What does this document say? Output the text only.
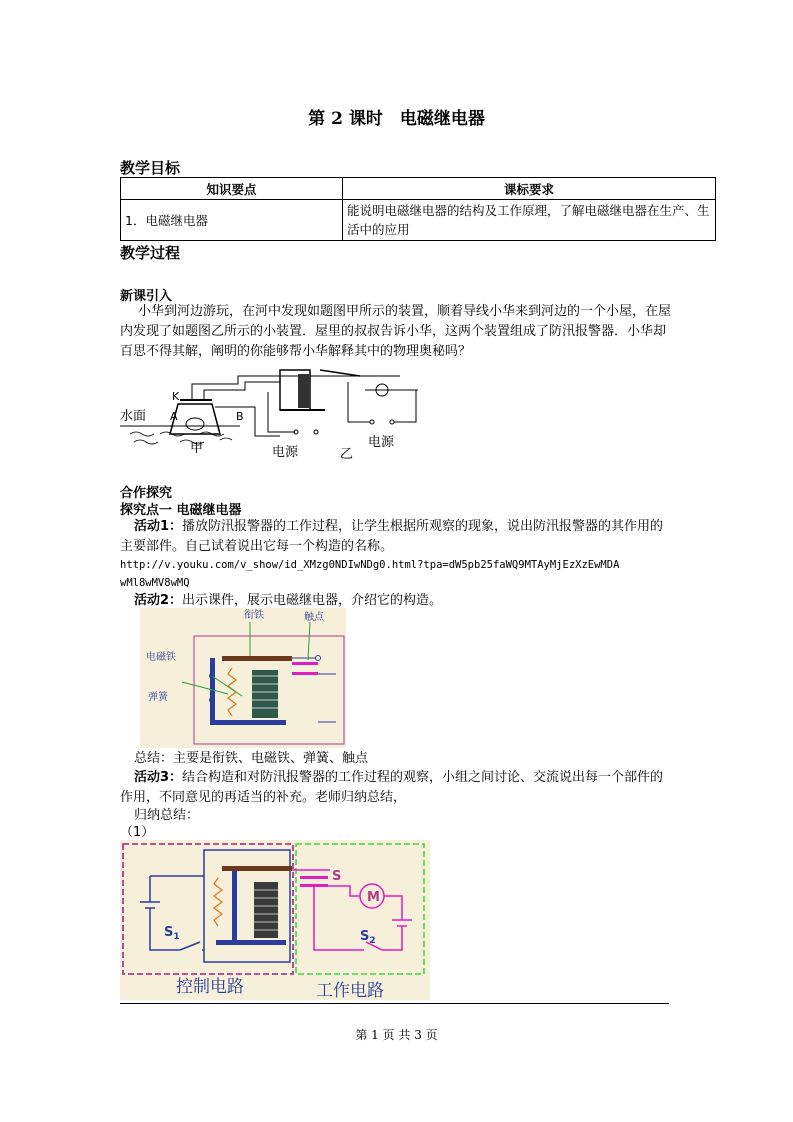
第 2 课时　电磁继电器
教学目标
知识要点	课标要求
1．电磁继电器	能说明电磁继电器的结构及工作原理，了解电磁继电器在生产、生活中的应用
教学过程
新课引入
小华到河边游玩，在河中发现如题图甲所示的装置，顺着导线小华来到河边的一个小屋，在屋内发现了如题图乙所示的小装置．屋里的叔叔告诉小华，这两个装置组成了防汛报警器．小华却百思不得其解，阐明的你能够帮小华解释其中的物理奥秘吗？
水面
K
A	B
甲	电源	乙
电源
合作探究
探究点一 电磁继电器
活动1：播放防汛报警器的工作过程，让学生根据所观察的现象，说出防汛报警器的其作用的主要部件。自己试着说出它每一个构造的名称。
http://v.youku.com/v_show/id_XMzg0NDIwNDg0.html?tpa=dW5pb25faWQ9MTAyMjEzXzEwMDA
wMl8wMV8wMQ
活动2：出示课件，展示电磁继电器，介绍它的构造。
衔铁	触点
电磁铁
弹簧
总结：主要是衔铁、电磁铁、弹簧、触点
活动3：结合构造和对防汛报警器的工作过程的观察，小组之间讨论、交流说出每一个部件的作用，不同意见的再适当的补充。老师归纳总结，
归纳总结：
（1）
S
M
$S_1$	$S_2$
控制电路	工作电路
第 1 页 共 3 页
